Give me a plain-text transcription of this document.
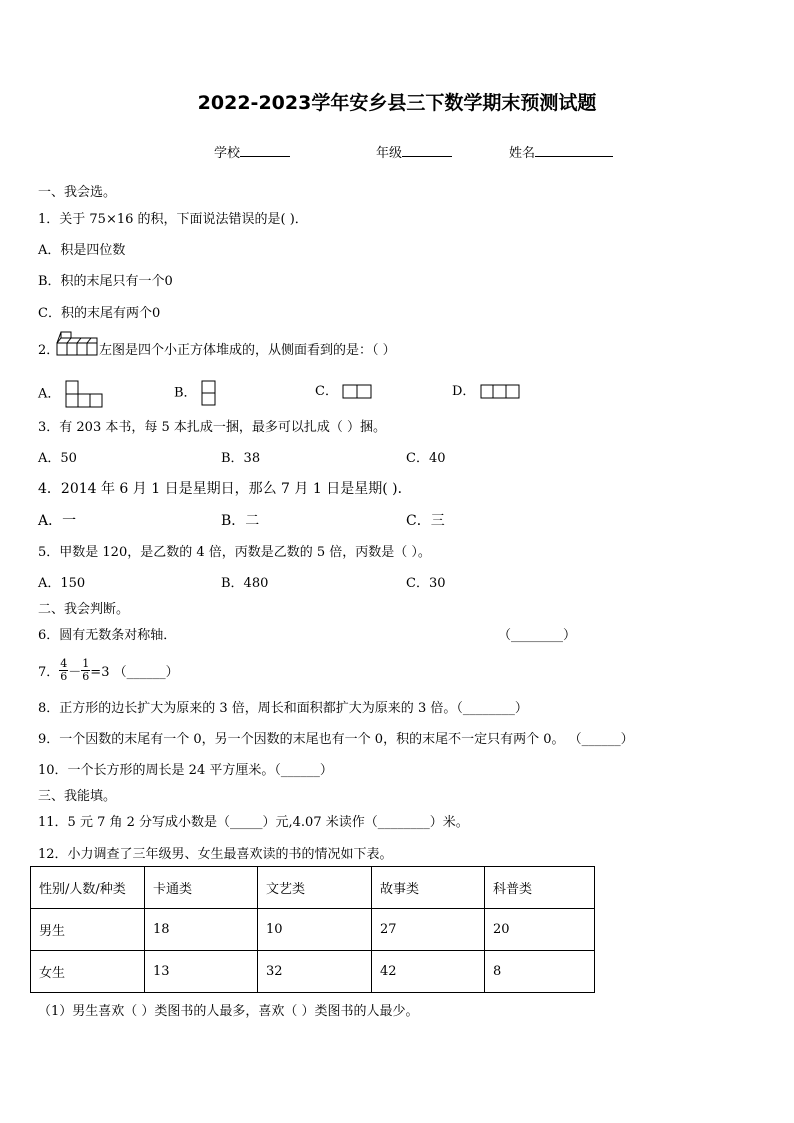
2022-2023学年安乡县三下数学期末预测试题
学校	年级	姓名
一、我会选。
1．关于 75×16 的积，下面说法错误的是( )．
A．积是四位数
B．积的末尾只有一个0
C．积的末尾有两个0
2．	左图是四个小正方体堆成的，从侧面看到的是：（ ）
A．	B．	C．	D．
3．有 203 本书，每 5 本扎成一捆，最多可以扎成（ ）捆。
A．50	B．38	C．40
4．2014 年 6 月 1 日是星期日，那么 7 月 1 日是星期( )．
A．一	B．二	C．三
5．甲数是 120，是乙数的 4 倍，丙数是乙数的 5 倍，丙数是（ ）。
A．150	B．480	C．30
二、我会判断。
6．圆有无数条对称轴．	（________）
7． $\frac{4}{6} - \frac{1}{6} =3$ （______）
8．正方形的边长扩大为原来的 3 倍，周长和面积都扩大为原来的 3 倍。（________）
9．一个因数的末尾有一个 0，另一个因数的末尾也有一个 0，积的末尾不一定只有两个 0。 （______）
10．一个长方形的周长是 24 平方厘米。（______）
三、我能填。
11．5 元 7 角 2 分写成小数是（_____）元,4.07 米读作（________）米。
12．小力调查了三年级男、女生最喜欢读的书的情况如下表。
性别/人数/种类	卡通类	文艺类	故事类	科普类
男生	18	10	27	20
女生	13	32	42	8
（1）男生喜欢（ ）类图书的人最多，喜欢（ ）类图书的人最少。
